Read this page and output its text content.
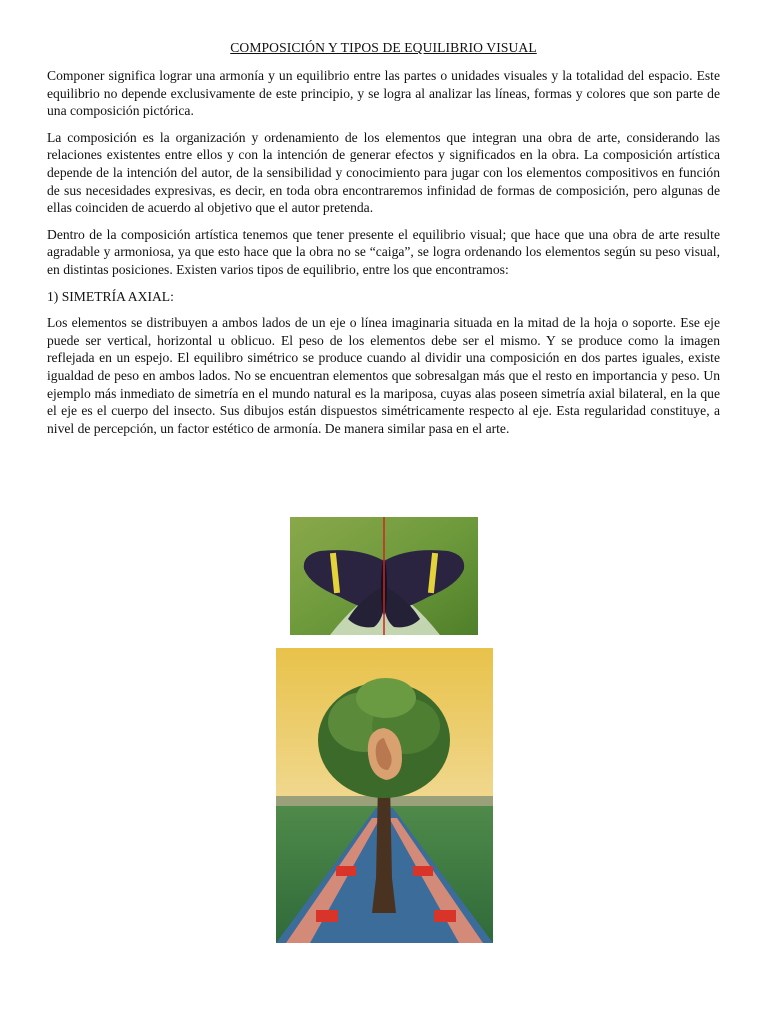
COMPOSICIÓN Y TIPOS DE EQUILIBRIO VISUAL

Componer significa lograr una armonía y un equilibrio entre las partes o unidades visuales y la totalidad del espacio. Este equilibrio no depende exclusivamente de este principio, y se logra al analizar las líneas, formas y colores que son parte de una composición pictórica.

La composición es la organización y ordenamiento de los elementos que integran una obra de arte, considerando las relaciones existentes entre ellos y con la intención de generar efectos y significados en la obra. La composición artística depende de la intención del autor, de la sensibilidad y conocimiento para jugar con los elementos compositivos en función de sus necesidades expresivas, es decir, en toda obra encontraremos infinidad de formas de composición, pero algunas de ellas coinciden de acuerdo al objetivo que el autor pretenda.

Dentro de la composición artística tenemos que tener presente el equilibrio visual; que hace que una obra de arte resulte agradable y armoniosa, ya que esto hace que la obra no se “caiga”, se logra ordenando los elementos según su peso visual, en distintas posiciones. Existen varios tipos de equilibrio, entre los que encontramos:

1) SIMETRÍA AXIAL:

Los elementos se distribuyen a ambos lados de un eje o línea imaginaria situada en la mitad de la hoja o soporte. Ese eje puede ser vertical, horizontal u oblicuo. El peso de los elementos debe ser el mismo. Y se produce como la imagen reflejada en un espejo. El equilibro simétrico se produce cuando al dividir una composición en dos partes iguales, existe igualdad de peso en ambos lados. No se encuentran elementos que sobresalgan más que el resto en importancia y peso. Un ejemplo más inmediato de simetría en el mundo natural es la mariposa, cuyas alas poseen simetría axial bilateral, en la que el eje es el cuerpo del insecto. Sus dibujos están dispuestos simétricamente respecto al eje. Esta regularidad constituye, a nivel de percepción, un factor estético de armonía. De manera similar pasa en el arte.
